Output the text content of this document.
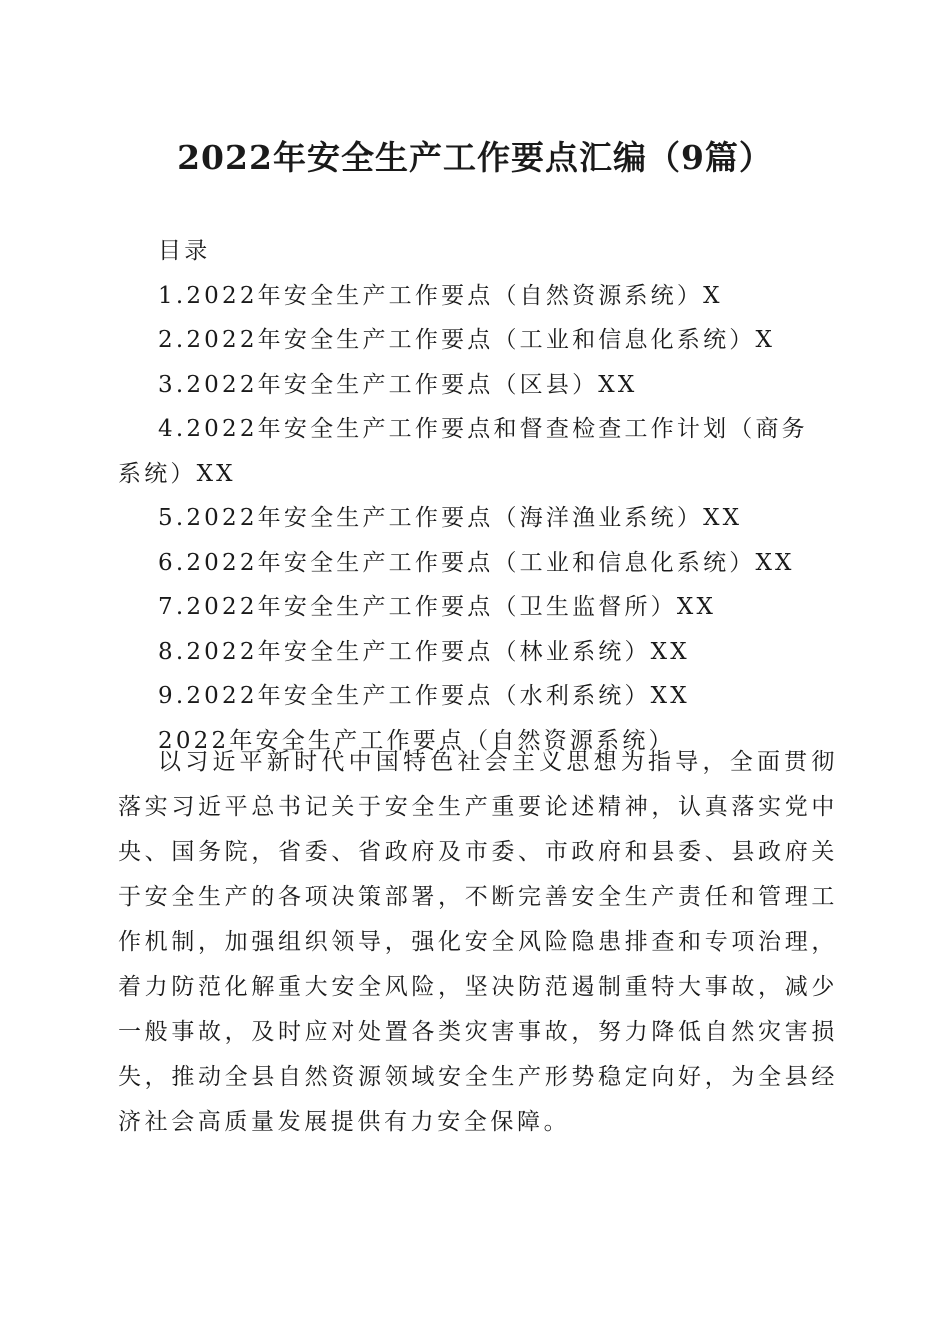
2022年安全生产工作要点汇编（9篇）
目录
1.2022年安全生产工作要点（自然资源系统）X
2.2022年安全生产工作要点（工业和信息化系统）X
3.2022年安全生产工作要点（区县）XX
4.2022年安全生产工作要点和督查检查工作计划（商务系统）XX
5.2022年安全生产工作要点（海洋渔业系统）XX
6.2022年安全生产工作要点（工业和信息化系统）XX
7.2022年安全生产工作要点（卫生监督所）XX
8.2022年安全生产工作要点（林业系统）XX
9.2022年安全生产工作要点（水利系统）XX
2022年安全生产工作要点（自然资源系统）

以习近平新时代中国特色社会主义思想为指导，全面贯彻落实习近平总书记关于安全生产重要论述精神，认真落实党中央、国务院，省委、省政府及市委、市政府和县委、县政府关于安全生产的各项决策部署，不断完善安全生产责任和管理工作机制，加强组织领导，强化安全风险隐患排查和专项治理，着力防范化解重大安全风险，坚决防范遏制重特大事故，减少一般事故，及时应对处置各类灾害事故，努力降低自然灾害损失，推动全县自然资源领域安全生产形势稳定向好，为全县经济社会高质量发展提供有力安全保障。
